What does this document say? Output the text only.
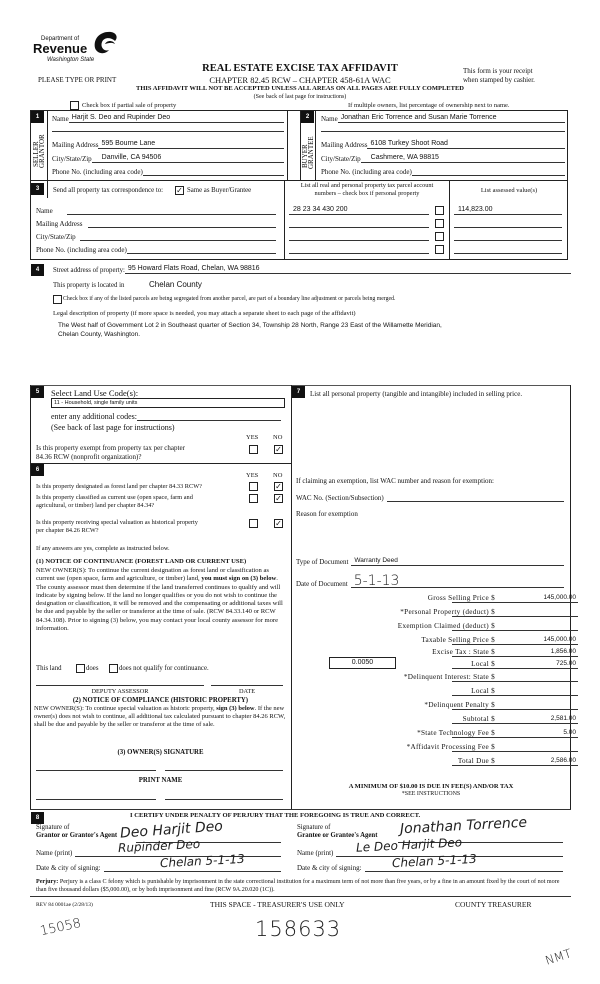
Department of
Revenue
Washington State
PLEASE TYPE OR PRINT
REAL ESTATE EXCISE TAX AFFIDAVIT
CHAPTER 82.45 RCW – CHAPTER 458-61A WAC
This form is your receipt
when stamped by cashier.
THIS AFFIDAVIT WILL NOT BE ACCEPTED UNLESS ALL AREAS ON ALL PAGES ARE FULLY COMPLETED
(See back of last page for instructions)
Check box if partial sale of property	If multiple owners, list percentage of ownership next to name.
1
SELLER
GRANTOR
Name Harjit S. Deo and Rupinder Deo
Mailing Address 595 Bourne Lane
City/State/Zip	Danville, CA 94506
Phone No. (including area code)
2
BUYER
GRANTEE
Name Jonathan Eric Torrence and Susan Marie Torrence
Mailing Address 6108 Turkey Shoot Road
City/State/Zip	Cashmere, WA 98815
Phone No. (including area code)
3	Send all property tax correspondence to: ✓ Same as Buyer/Grantee
Name
Mailing Address
City/State/Zip
Phone No. (including area code)
List all real and personal property tax parcel account
numbers – check box if personal property	List assessed value(s)
28 23 34 430 200	114,823.00
4	Street address of property: 95 Howard Flats Road, Chelan, WA 98816
This property is located in	Chelan County
Check box if any of the listed parcels are being segregated from another parcel, are part of a boundary line adjustment or parcels being merged.
Legal description of property (if more space is needed, you may attach a separate sheet to each page of the affidavit)
The West half of Government Lot 2 in Southeast quarter of Section 34, Township 28 North, Range 23 East of the Willamette Meridian,
Chelan County, Washington.
5	Select Land Use Code(s):
11 - Household, single family units
enter any additional codes:
(See back of last page for instructions)
YES NO
Is this property exempt from property tax per chapter
84.36 RCW (nonprofit organization)?
✓
6
YES NO
Is this property designated as forest land per chapter 84.33 RCW?	✓
Is this property classified as current use (open space, farm and
agricultural, or timber) land per chapter 84.34?
✓
Is this property receiving special valuation as historical property
per chapter 84.26 RCW?
✓
If any answers are yes, complete as instructed below.
(1) NOTICE OF CONTINUANCE (FOREST LAND OR CURRENT USE)
NEW OWNER(S): To continue the current designation as forest land or classification as current use (open space, farm and agriculture, or timber) land, you must sign on (3) below. The county assessor must then determine if the land transferred continues to qualify and will indicate by signing below. If the land no longer qualifies or you do not wish to continue the designation or classification, it will be removed and the compensating or additional taxes will be due and payable by the seller or transferor at the time of sale. (RCW 84.33.140 or RCW 84.34.108). Prior to signing (3) below, you may contact your local county assessor for more information.
This land	does	does not qualify for continuance.
DEPUTY ASSESSOR	DATE
(2) NOTICE OF COMPLIANCE (HISTORIC PROPERTY)
NEW OWNER(S): To continue special valuation as historic property, sign (3) below. If the new owner(s) does not wish to continue, all additional tax calculated pursuant to chapter 84.26 RCW, shall be due and payable by the seller or transferor at the time of sale.
(3) OWNER(S) SIGNATURE
PRINT NAME
7	List all personal property (tangible and intangible) included in selling price.
If claiming an exemption, list WAC number and reason for exemption:
WAC No. (Section/Subsection)
Reason for exemption
Type of Document Warranty Deed
Date of Document 5-1-13
Gross Selling Price $	145,000.00
*Personal Property (deduct) $
Exemption Claimed (deduct) $
Taxable Selling Price $	145,000.00
Excise Tax : State $	1,856.00
0.0050	Local $	725.00
*Delinquent Interest: State $
Local $
*Delinquent Penalty $
Subtotal $	2,581.00
*State Technology Fee $	5.00
*Affidavit Processing Fee $
Total Due $	2,586.00
A MINIMUM OF $10.00 IS DUE IN FEE(S) AND/OR TAX
*SEE INSTRUCTIONS
8	I CERTIFY UNDER PENALTY OF PERJURY THAT THE FOREGOING IS TRUE AND CORRECT.
Signature of
Grantor or Grantor's Agent Deo Harjit Deo
Name (print)	Rupinder Deo
Date & city of signing:	Chelan 5-1-13
Signature of
Grantee or Grantee's Agent Jonathan Torrence
Name (print) Le Deo Harjit Deo
Date & city of signing:	Chelan 5-1-13
Perjury: Perjury is a class C felony which is punishable by imprisonment in the state correctional institution for a maximum term of not more than five years, or by a fine in an amount fixed by the court of not more than five thousand dollars ($5,000.00), or by both imprisonment and fine (RCW 9A.20.020 (1C)).
REV 84 0001ae (2/28/13)	THIS SPACE - TREASURER'S USE ONLY	COUNTY TREASURER
15058	158633
NMT
